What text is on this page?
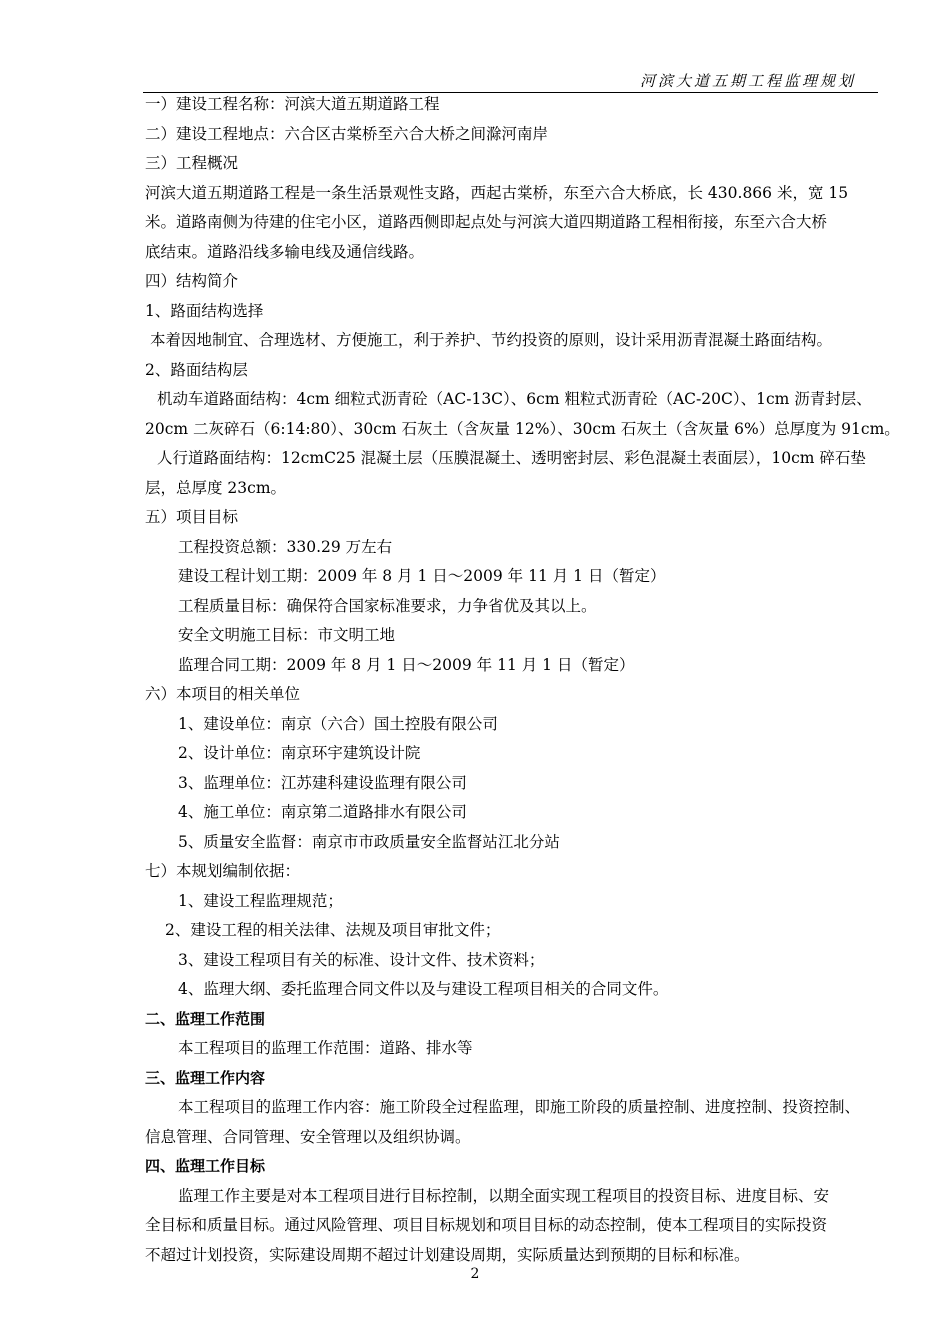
河滨大道五期工程监理规划
一）建设工程名称：河滨大道五期道路工程
二）建设工程地点：六合区古棠桥至六合大桥之间滁河南岸
三）工程概况
河滨大道五期道路工程是一条生活景观性支路，西起古棠桥，东至六合大桥底，长 430.866 米，宽 15
米。道路南侧为待建的住宅小区，道路西侧即起点处与河滨大道四期道路工程相衔接，东至六合大桥
底结束。道路沿线多输电线及通信线路。
四）结构简介
1、路面结构选择
本着因地制宜、合理选材、方便施工，利于养护、节约投资的原则，设计采用沥青混凝土路面结构。
2、路面结构层
机动车道路面结构：4cm 细粒式沥青砼（AC-13C）、6cm 粗粒式沥青砼（AC-20C）、1cm 沥青封层、
20cm 二灰碎石（6:14:80）、30cm 石灰土（含灰量 12%）、30cm 石灰土（含灰量 6%）总厚度为 91cm。
人行道路面结构：12cmC25 混凝土层（压膜混凝土、透明密封层、彩色混凝土表面层），10cm 碎石垫
层，总厚度 23cm。
五）项目目标
工程投资总额：330.29 万左右
建设工程计划工期：2009 年 8 月 1 日～2009 年 11 月 1 日（暂定）
工程质量目标：确保符合国家标准要求，力争省优及其以上。
安全文明施工目标：市文明工地
监理合同工期：2009 年 8 月 1 日～2009 年 11 月 1 日（暂定）
六）本项目的相关单位
1、建设单位：南京（六合）国土控股有限公司
2、设计单位：南京环宇建筑设计院
3、监理单位：江苏建科建设监理有限公司
4、施工单位：南京第二道路排水有限公司
5、质量安全监督：南京市市政质量安全监督站江北分站
七）本规划编制依据：
1、建设工程监理规范；
2、建设工程的相关法律、法规及项目审批文件；
3、建设工程项目有关的标准、设计文件、技术资料；
4、监理大纲、委托监理合同文件以及与建设工程项目相关的合同文件。
二、监理工作范围
本工程项目的监理工作范围：道路、排水等
三、监理工作内容
本工程项目的监理工作内容：施工阶段全过程监理，即施工阶段的质量控制、进度控制、投资控制、
信息管理、合同管理、安全管理以及组织协调。
四、监理工作目标
监理工作主要是对本工程项目进行目标控制，以期全面实现工程项目的投资目标、进度目标、安
全目标和质量目标。通过风险管理、项目目标规划和项目目标的动态控制，使本工程项目的实际投资
不超过计划投资，实际建设周期不超过计划建设周期，实际质量达到预期的目标和标准。
2
